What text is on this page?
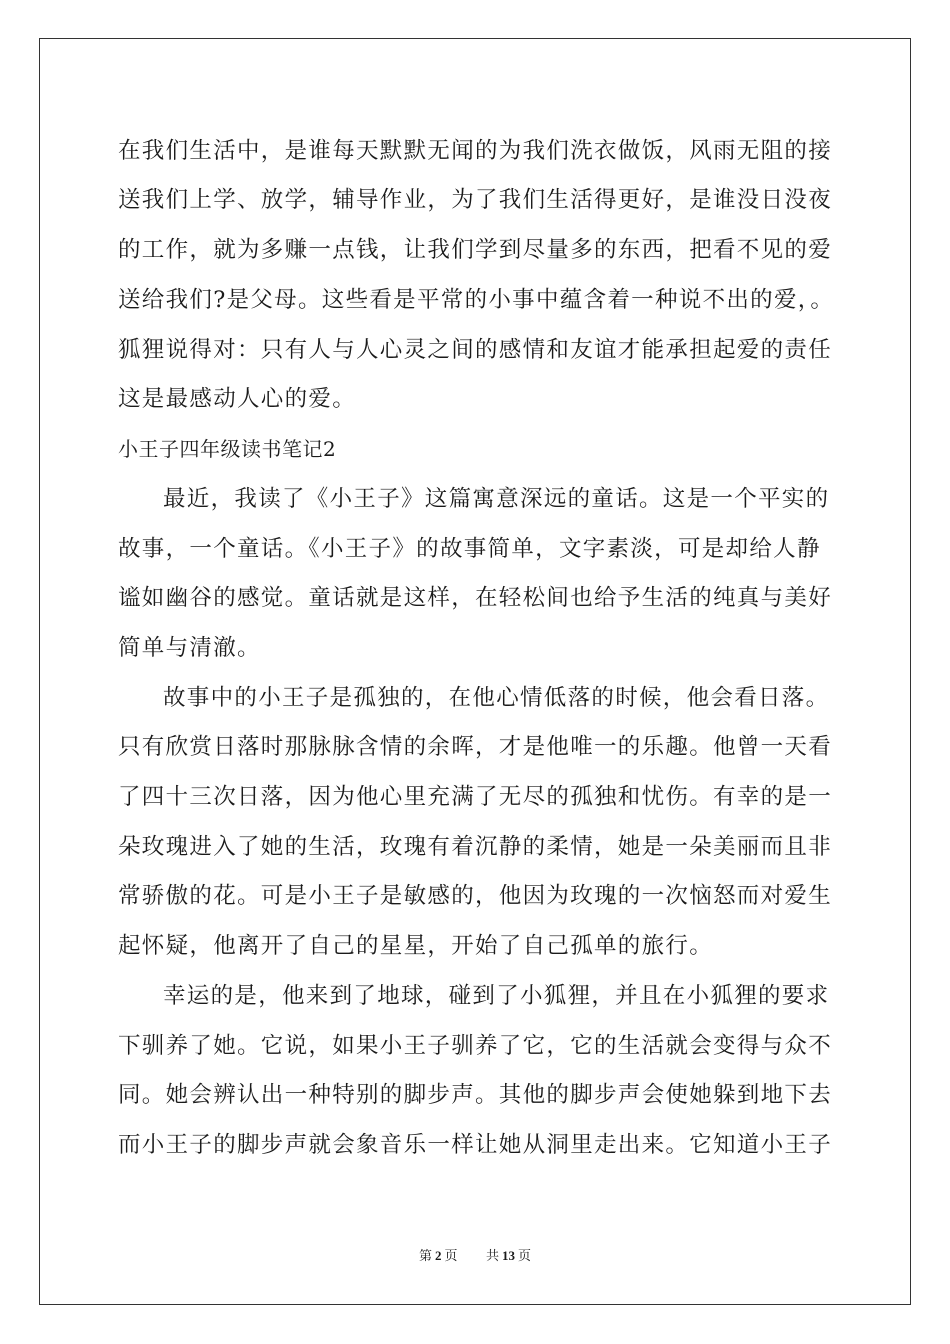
在我们生活中，是谁每天默默无闻的为我们洗衣做饭，风雨无阻的接
送我们上学、放学，辅导作业，为了我们生活得更好，是谁没日没夜
的工作，就为多赚一点钱，让我们学到尽量多的东西，把看不见的爱
送给我们?是父母。这些看是平常的小事中蕴含着一种说不出的爱，。
狐狸说得对：只有人与人心灵之间的感情和友谊才能承担起爱的责任
这是最感动人心的爱。
小王子四年级读书笔记2
最近，我读了《小王子》这篇寓意深远的童话。这是一个平实的
故事，一个童话。《小王子》的故事简单，文字素淡，可是却给人静
谧如幽谷的感觉。童话就是这样，在轻松间也给予生活的纯真与美好
简单与清澈。
故事中的小王子是孤独的，在他心情低落的时候，他会看日落。
只有欣赏日落时那脉脉含情的余晖，才是他唯一的乐趣。他曾一天看
了四十三次日落，因为他心里充满了无尽的孤独和忧伤。有幸的是一
朵玫瑰进入了她的生活，玫瑰有着沉静的柔情，她是一朵美丽而且非
常骄傲的花。可是小王子是敏感的，他因为玫瑰的一次恼怒而对爱生
起怀疑，他离开了自己的星星，开始了自己孤单的旅行。
幸运的是，他来到了地球，碰到了小狐狸，并且在小狐狸的要求
下驯养了她。它说，如果小王子驯养了它，它的生活就会变得与众不
同。她会辨认出一种特别的脚步声。其他的脚步声会使她躲到地下去
而小王子的脚步声就会象音乐一样让她从洞里走出来。它知道小王子
第 2 页 共 13 页
